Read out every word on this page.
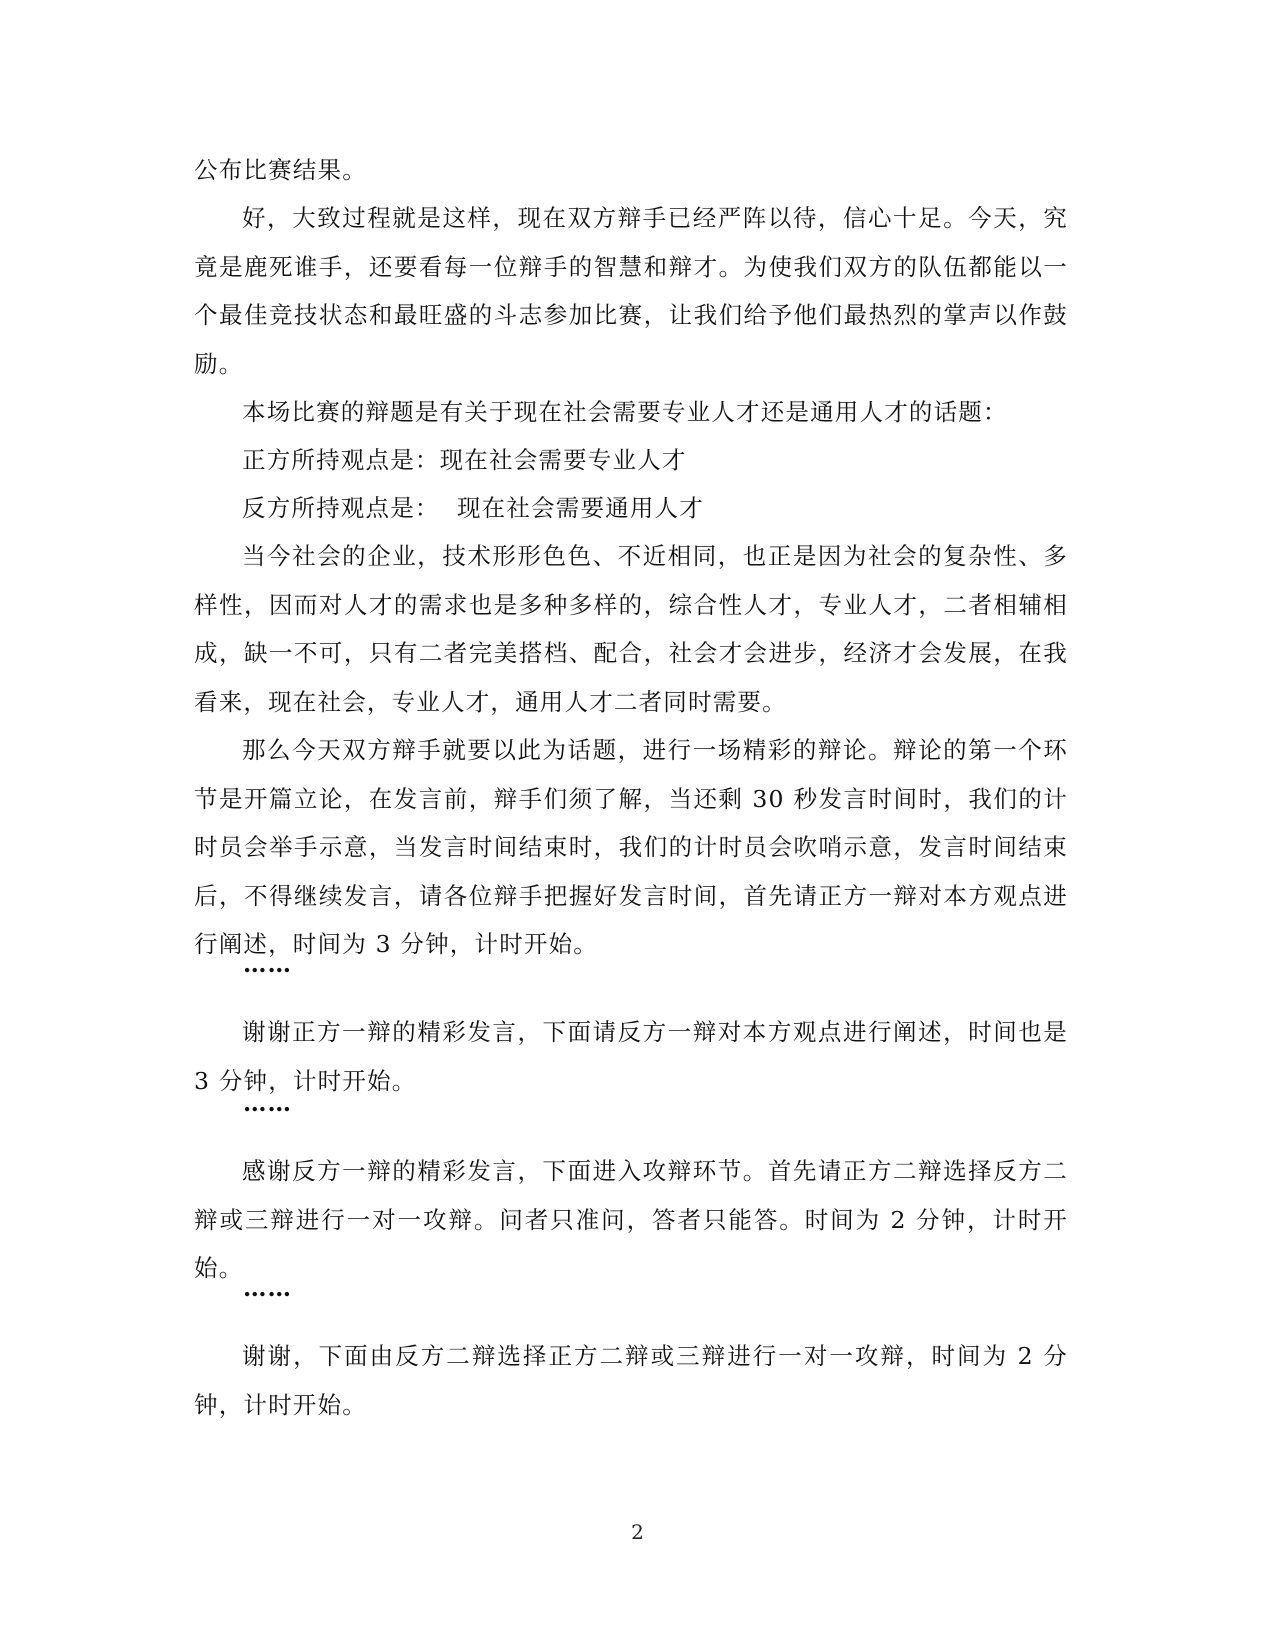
公布比赛结果。

好，大致过程就是这样，现在双方辩手已经严阵以待，信心十足。今天，究竟是鹿死谁手，还要看每一位辩手的智慧和辩才。为使我们双方的队伍都能以一个最佳竞技状态和最旺盛的斗志参加比赛，让我们给予他们最热烈的掌声以作鼓励。

本场比赛的辩题是有关于现在社会需要专业人才还是通用人才的话题：

正方所持观点是：现在社会需要专业人才

反方所持观点是：  现在社会需要通用人才

当今社会的企业，技术形形色色、不近相同，也正是因为社会的复杂性、多样性，因而对人才的需求也是多种多样的，综合性人才，专业人才，二者相辅相成，缺一不可，只有二者完美搭档、配合，社会才会进步，经济才会发展，在我看来，现在社会，专业人才，通用人才二者同时需要。

那么今天双方辩手就要以此为话题，进行一场精彩的辩论。辩论的第一个环节是开篇立论，在发言前，辩手们须了解，当还剩 30 秒发言时间时，我们的计时员会举手示意，当发言时间结束时，我们的计时员会吹哨示意，发言时间结束后，不得继续发言，请各位辩手把握好发言时间，首先请正方一辩对本方观点进行阐述，时间为 3 分钟，计时开始。

……

谢谢正方一辩的精彩发言，下面请反方一辩对本方观点进行阐述，时间也是 3 分钟，计时开始。

……

感谢反方一辩的精彩发言，下面进入攻辩环节。首先请正方二辩选择反方二辩或三辩进行一对一攻辩。问者只准问，答者只能答。时间为 2 分钟，计时开始。

……

谢谢，下面由反方二辩选择正方二辩或三辩进行一对一攻辩，时间为 2 分钟，计时开始。

2
